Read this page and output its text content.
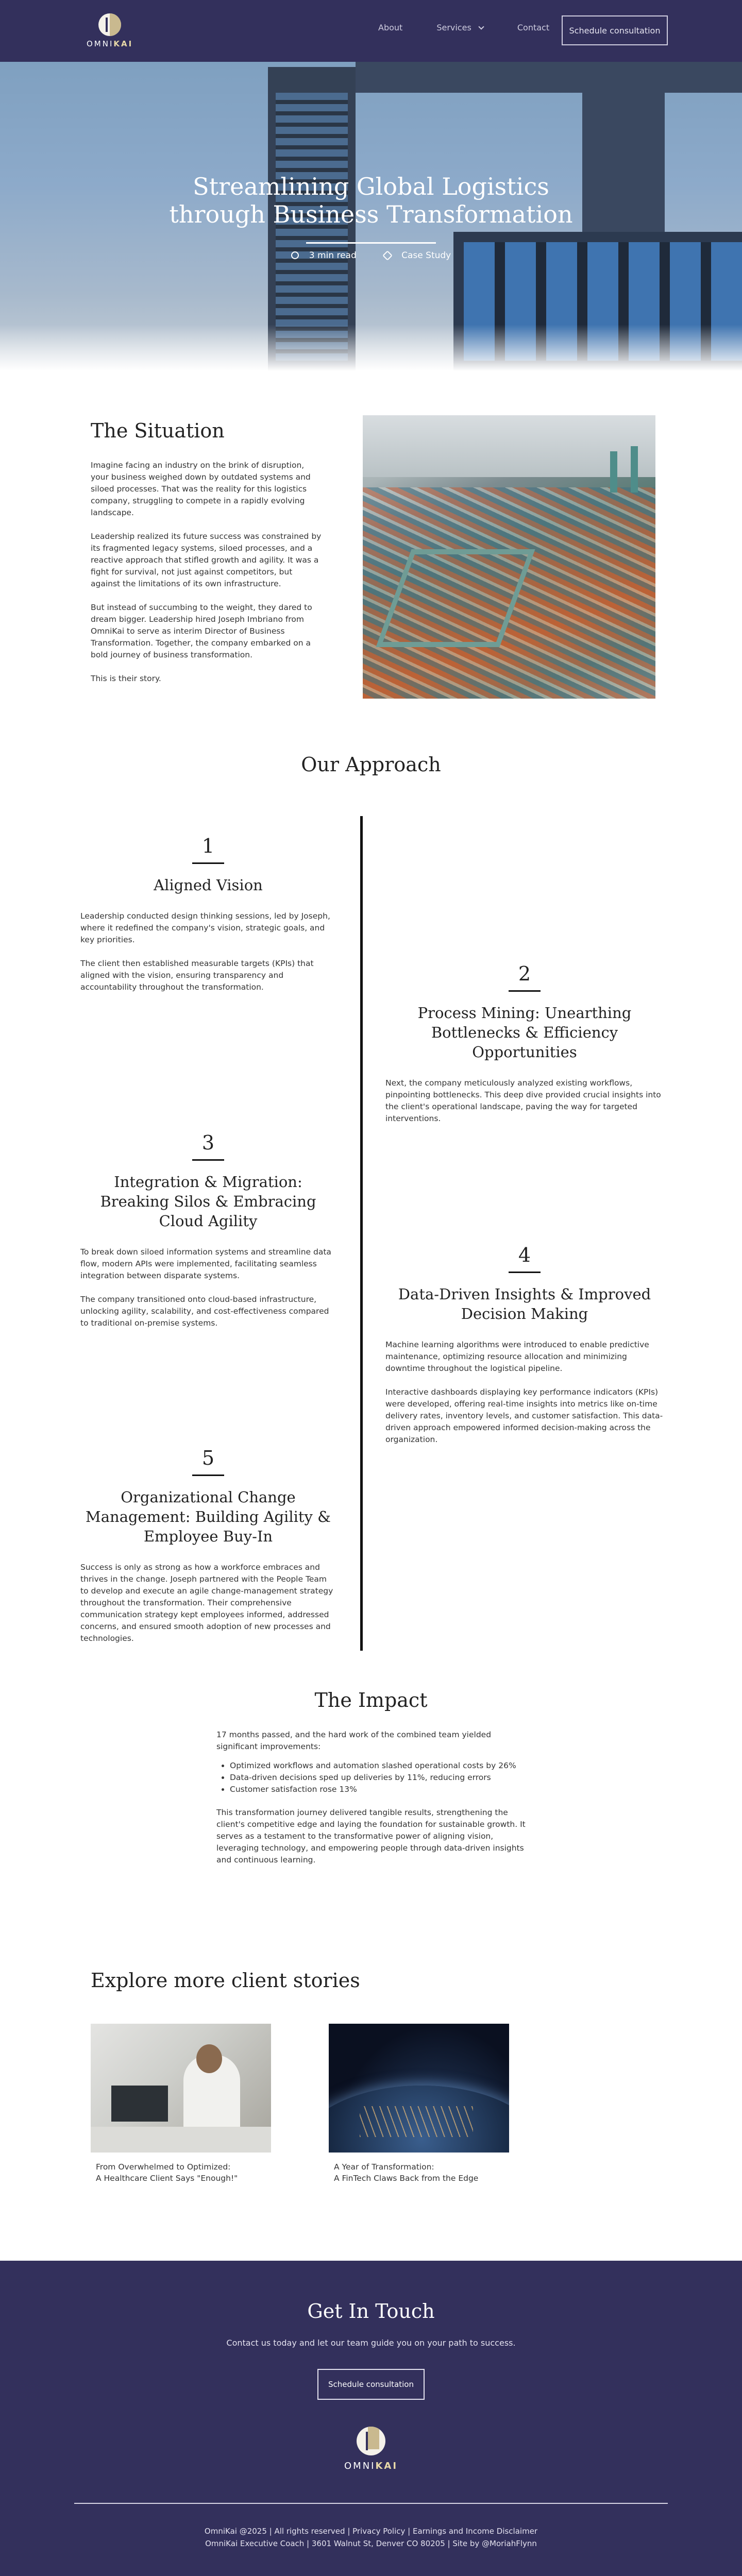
OMNIKAI
About	Services	Contact	Schedule consultation
Streamlining Global Logistics
through Business Transformation
3 min read	Case Study
The Situation

Imagine facing an industry on the brink of disruption, your business weighed down by outdated systems and siloed processes. That was the reality for this logistics company, struggling to compete in a rapidly evolving landscape.

Leadership realized its future success was constrained by its fragmented legacy systems, siloed processes, and a reactive approach that stifled growth and agility. It was a fight for survival, not just against competitors, but against the limitations of its own infrastructure.

But instead of succumbing to the weight, they dared to dream bigger. Leadership hired Joseph Imbriano from OmniKai to serve as interim Director of Business Transformation. Together, the company embarked on a bold journey of business transformation.

This is their story.

Our Approach
1
Aligned Vision

Leadership conducted design thinking sessions, led by Joseph, where it redefined the company's vision, strategic goals, and key priorities.

The client then established measurable targets (KPIs) that aligned with the vision, ensuring transparency and accountability throughout the transformation.

2
Process Mining: Unearthing Bottlenecks & Efficiency Opportunities

Next, the company meticulously analyzed existing workflows, pinpointing bottlenecks. This deep dive provided crucial insights into the client's operational landscape, paving the way for targeted interventions.

3
Integration & Migration: Breaking Silos & Embracing Cloud Agility

To break down siloed information systems and streamline data flow, modern APIs were implemented, facilitating seamless integration between disparate systems.

The company transitioned onto cloud-based infrastructure, unlocking agility, scalability, and cost-effectiveness compared to traditional on-premise systems.

4
Data-Driven Insights & Improved Decision Making

Machine learning algorithms were introduced to enable predictive maintenance, optimizing resource allocation and minimizing downtime throughout the logistical pipeline.

Interactive dashboards displaying key performance indicators (KPIs) were developed, offering real-time insights into metrics like on-time delivery rates, inventory levels, and customer satisfaction. This data-driven approach empowered informed decision-making across the organization.

5
Organizational Change Management: Building Agility & Employee Buy-In

Success is only as strong as how a workforce embraces and thrives in the change. Joseph partnered with the People Team to develop and execute an agile change-management strategy throughout the transformation. Their comprehensive communication strategy kept employees informed, addressed concerns, and ensured smooth adoption of new processes and technologies.

The Impact

17 months passed, and the hard work of the combined team yielded significant improvements:

• Optimized workflows and automation slashed operational costs by 26%
• Data-driven decisions sped up deliveries by 11%, reducing errors
• Customer satisfaction rose 13%

This transformation journey delivered tangible results, strengthening the client's competitive edge and laying the foundation for sustainable growth. It serves as a testament to the transformative power of aligning vision, leveraging technology, and empowering people through data-driven insights and continuous learning.

Explore more client stories
From Overwhelmed to Optimized:
A Healthcare Client Says "Enough!"
A Year of Transformation:
A FinTech Claws Back from the Edge
Get In Touch
Contact us today and let our team guide you on your path to success.
Schedule consultation
OMNIKAI
OmniKai @2025 | All rights reserved | Privacy Policy | Earnings and Income Disclaimer
OmniKai Executive Coach | 3601 Walnut St, Denver CO 80205 | Site by @MoriahFlynn
